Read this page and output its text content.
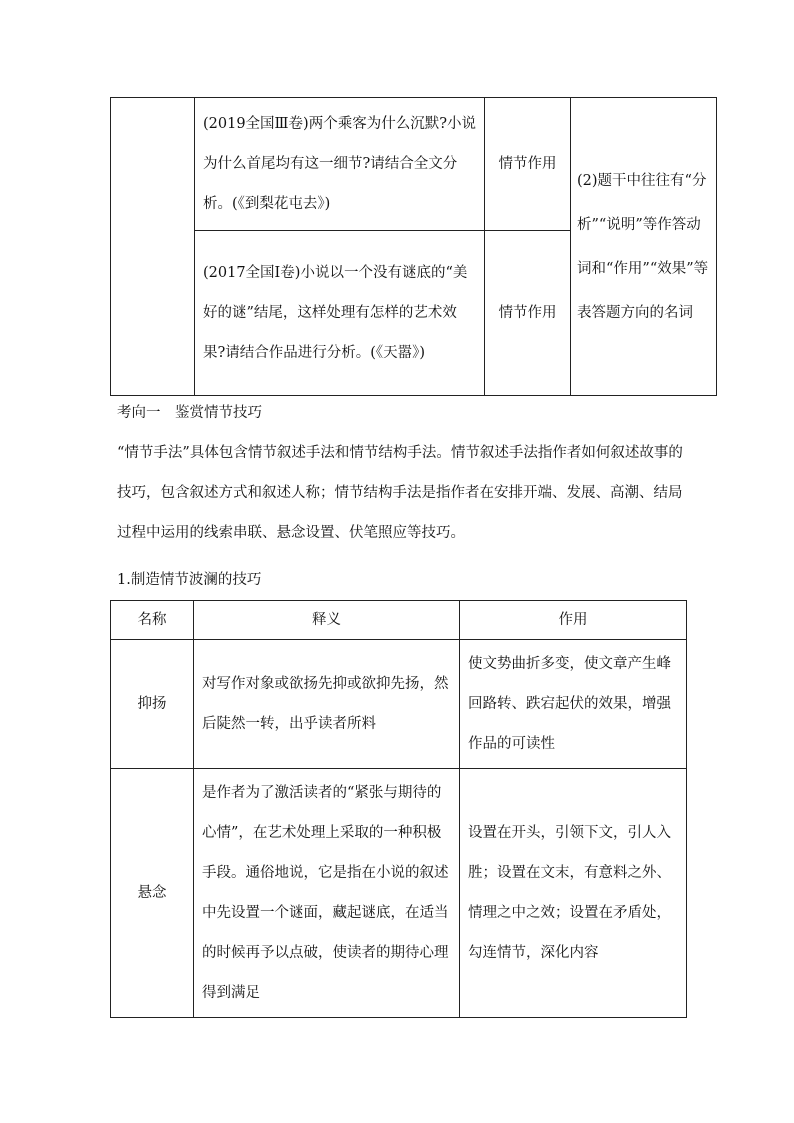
	(2019全国Ⅲ卷)两个乘客为什么沉默?小说为什么首尾均有这一细节?请结合全文分析。(《到梨花屯去》)	情节作用	(2)题干中往往有“分析”“说明”等作答动词和“作用”“效果”等表答题方向的名词
	(2017全国Ⅰ卷)小说以一个没有谜底的“美好的谜”结尾，这样处理有怎样的艺术效果?请结合作品进行分析。(《天嚣》)	情节作用	
考向一　鉴赏情节技巧
“情节手法”具体包含情节叙述手法和情节结构手法。情节叙述手法指作者如何叙述故事的技巧，包含叙述方式和叙述人称；情节结构手法是指作者在安排开端、发展、高潮、结局过程中运用的线索串联、悬念设置、伏笔照应等技巧。
1.制造情节波澜的技巧
名称	释义	作用
抑扬	对写作对象或欲扬先抑或欲抑先扬，然后陡然一转，出乎读者所料	使文势曲折多变，使文章产生峰回路转、跌宕起伏的效果，增强作品的可读性
悬念	是作者为了激活读者的“紧张与期待的心情”，在艺术处理上采取的一种积极手段。通俗地说，它是指在小说的叙述中先设置一个谜面，藏起谜底，在适当的时候再予以点破，使读者的期待心理得到满足	设置在开头，引领下文，引人入胜；设置在文末，有意料之外、情理之中之效；设置在矛盾处，勾连情节，深化内容
